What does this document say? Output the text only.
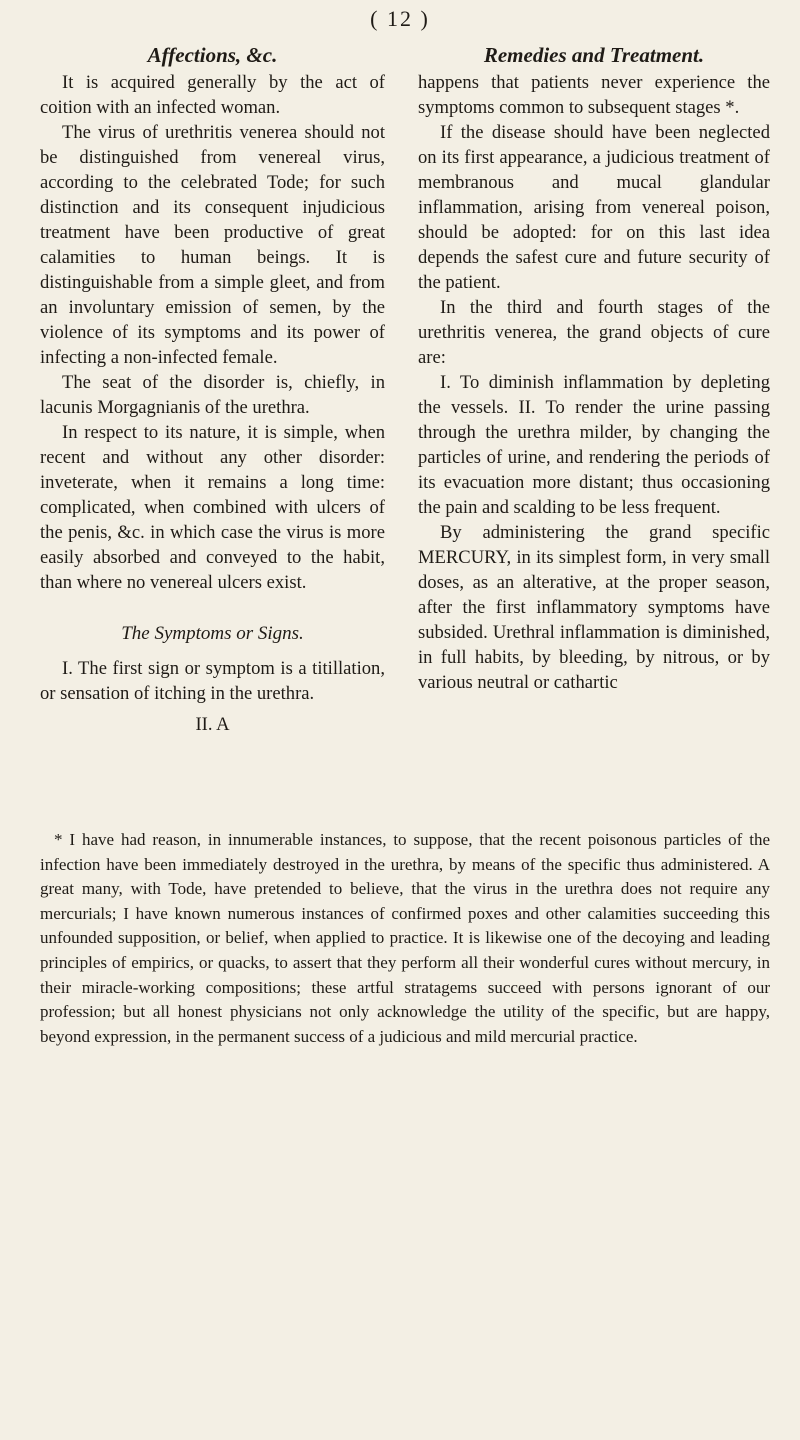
( 12 )
Affections, &c.

It is acquired generally by the act of coition with an infected woman.

The virus of urethritis venerea should not be distinguished from venereal virus, according to the celebrated Tode; for such distinction and its consequent injudicious treatment have been productive of great calamities to human beings. It is distinguishable from a simple gleet, and from an involuntary emission of semen, by the violence of its symptoms and its power of infecting a non-infected female.

The seat of the disorder is, chiefly, in lacunis Morgagnianis of the urethra.

In respect to its nature, it is simple, when recent and without any other disorder: inveterate, when it remains a long time: complicated, when combined with ulcers of the penis, &c. in which case the virus is more easily absorbed and conveyed to the habit, than where no venereal ulcers exist.

The Symptoms or Signs.

I. The first sign or symptom is a titillation, or sensation of itching in the urethra.

II. A
Remedies and Treatment.

happens that patients never experience the symptoms common to subsequent stages *.

If the disease should have been neglected on its first appearance, a judicious treatment of membranous and mucal glandular inflammation, arising from venereal poison, should be adopted: for on this last idea depends the safest cure and future security of the patient.

In the third and fourth stages of the urethritis venerea, the grand objects of cure are:

I. To diminish inflammation by depleting the vessels. II. To render the urine passing through the urethra milder, by changing the particles of urine, and rendering the periods of its evacuation more distant; thus occasioning the pain and scalding to be less frequent.

By administering the grand specific MERCURY, in its simplest form, in very small doses, as an alterative, at the proper season, after the first inflammatory symptoms have subsided. Urethral inflammation is diminished, in full habits, by bleeding, by nitrous, or by various neutral or cathartic

* I have had reason, in innumerable instances, to suppose, that the recent poisonous particles of the infection have been immediately destroyed in the urethra, by means of the specific thus administered. A great many, with Tode, have pretended to believe, that the virus in the urethra does not require any mercurials; I have known numerous instances of confirmed poxes and other calamities succeeding this unfounded supposition, or belief, when applied to practice. It is likewise one of the decoying and leading principles of empirics, or quacks, to assert that they perform all their wonderful cures without mercury, in their miracle-working compositions; these artful stratagems succeed with persons ignorant of our profession; but all honest physicians not only acknowledge the utility of the specific, but are happy, beyond expression, in the permanent success of a judicious and mild mercurial practice.
